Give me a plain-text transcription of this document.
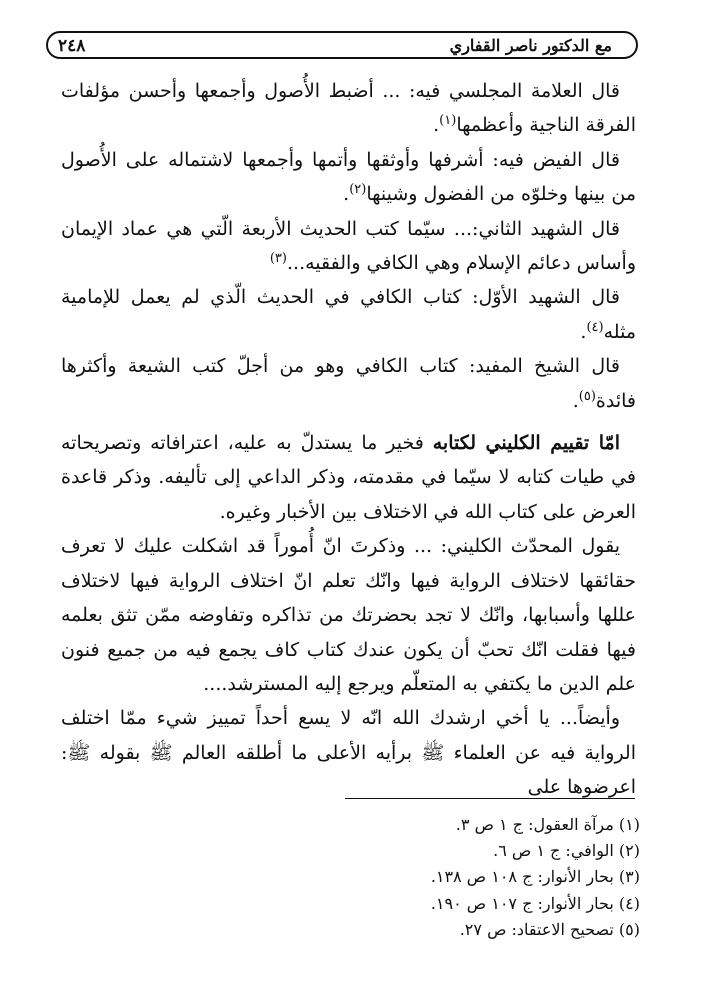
مع الدكتور ناصر القفاري
٢٤٨

قال العلامة المجلسي فيه: ... أضبط الأُصول وأجمعها وأحسن مؤلفات الفرقة الناجية وأعظمها$^{(١)}$.

قال الفيض فيه: أشرفها وأوثقها وأتمها وأجمعها لاشتماله على الأُصول من بينها وخلوّه من الفضول وشينها$^{(٢)}$.

قال الشهيد الثاني:... سيّما كتب الحديث الأربعة الّتي هي عماد الإيمان وأساس دعائم الإسلام وهي الكافي والفقيه...$^{(٣)}$

قال الشهيد الأوّل: كتاب الكافي في الحديث الّذي لم يعمل للإمامية مثله$^{(٤)}$.

قال الشيخ المفيد: كتاب الكافي وهو من أجلّ كتب الشيعة وأكثرها فائدة$^{(٥)}$.

امّا تقييم الكليني لكتابه فخير ما يستدلّ به عليه، اعترافاته وتصريحاته في طيات كتابه لا سيّما في مقدمته، وذكر الداعي إلى تأليفه. وذكر قاعدة العرض على كتاب الله في الاختلاف بين الأخبار وغيره.

يقول المحدّث الكليني: ... وذكرتَ انّ أُموراً قد اشكلت عليك لا تعرف حقائقها لاختلاف الرواية فيها وانّك تعلم انّ اختلاف الرواية فيها لاختلاف عللها وأسبابها، وانّك لا تجد بحضرتك من تذاكره وتفاوضه ممّن تثق بعلمه فيها فقلت انّك تحبّ أن يكون عندك كتاب كاف يجمع فيه من جميع فنون علم الدين ما يكتفي به المتعلّم ويرجع إليه المسترشد....

وأيضاً... يا أخي ارشدك الله انّه لا يسع أحداً تمييز شيء ممّا اختلف الرواية فيه عن العلماء ﷺ برأيه الأعلى ما أطلقه العالم ﷺ بقوله ﷺ: اعرضوها على

(١) مرآة العقول: ج ١ ص ٣.
(٢) الوافي: ج ١ ص ٦.
(٣) بحار الأنوار: ج ١٠٨ ص ١٣٨.
(٤) بحار الأنوار: ج ١٠٧ ص ١٩٠.
(٥) تصحيح الاعتقاد: ص ٢٧.
